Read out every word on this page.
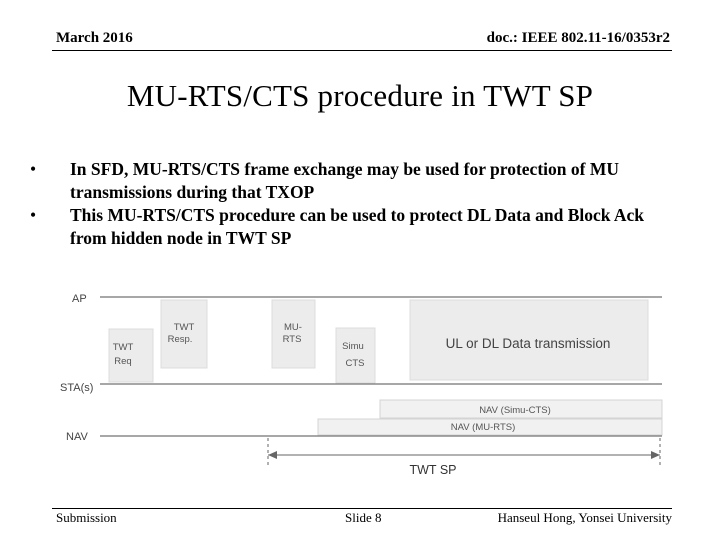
March 2016	doc.: IEEE 802.11-16/0353r2
MU-RTS/CTS procedure in TWT SP
• In SFD, MU-RTS/CTS frame exchange may be used for protection of MU transmissions during that TXOP
• This MU-RTS/CTS procedure can be used to protect DL Data and Block Ack from hidden node in TWT SP
AP
TWT
Resp.
MU-
RTS	UL or DL Data transmission
TWT
Req
Simu
CTS
STA(s)
NAV (Simu-CTS)
NAV (MU-RTS)
NAV
TWT SP
Submission	Slide 8	Hanseul Hong, Yonsei University
